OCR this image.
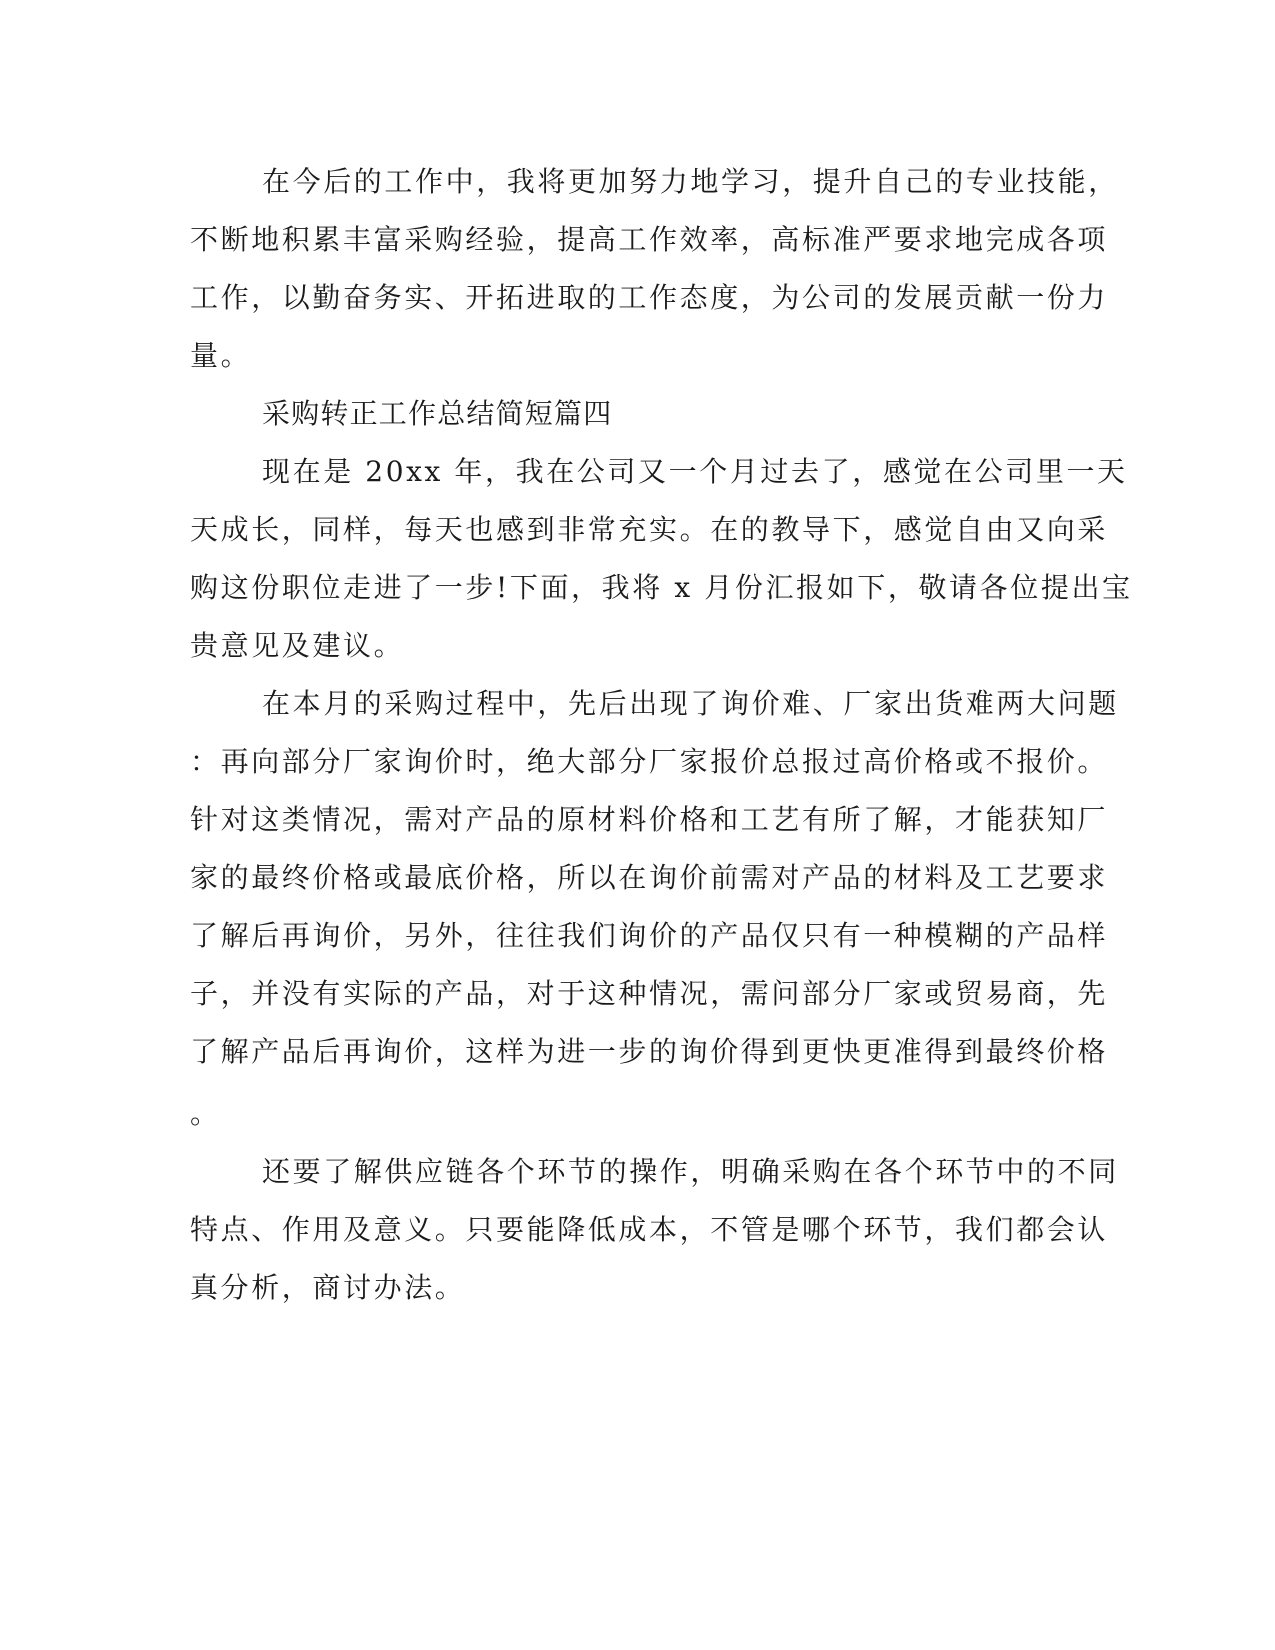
在今后的工作中，我将更加努力地学习，提升自己的专业技能，
不断地积累丰富采购经验，提高工作效率，高标准严要求地完成各项
工作，以勤奋务实、开拓进取的工作态度，为公司的发展贡献一份力
量。
采购转正工作总结简短篇四
现在是 20xx 年，我在公司又一个月过去了，感觉在公司里一天
天成长，同样，每天也感到非常充实。在的教导下，感觉自由又向采
购这份职位走进了一步!下面，我将 x 月份汇报如下，敬请各位提出宝
贵意见及建议。
在本月的采购过程中，先后出现了询价难、厂家出货难两大问题
：再向部分厂家询价时，绝大部分厂家报价总报过高价格或不报价。
针对这类情况，需对产品的原材料价格和工艺有所了解，才能获知厂
家的最终价格或最底价格，所以在询价前需对产品的材料及工艺要求
了解后再询价，另外，往往我们询价的产品仅只有一种模糊的产品样
子，并没有实际的产品，对于这种情况，需问部分厂家或贸易商，先
了解产品后再询价，这样为进一步的询价得到更快更准得到最终价格
。
还要了解供应链各个环节的操作，明确采购在各个环节中的不同
特点、作用及意义。只要能降低成本，不管是哪个环节，我们都会认
真分析，商讨办法。
